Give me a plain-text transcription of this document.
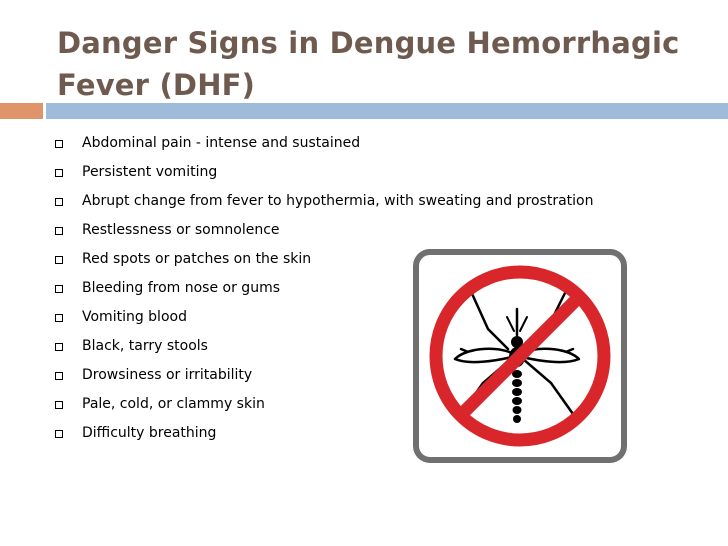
Danger Signs in Dengue Hemorrhagic
Fever (DHF)
Abdominal pain - intense and sustained
Persistent vomiting
Abrupt change from fever to hypothermia, with sweating and prostration
Restlessness or somnolence
Red spots or patches on the skin
Bleeding from nose or gums
Vomiting blood
Black, tarry stools
Drowsiness or irritability
Pale, cold, or clammy skin
Difficulty breathing
